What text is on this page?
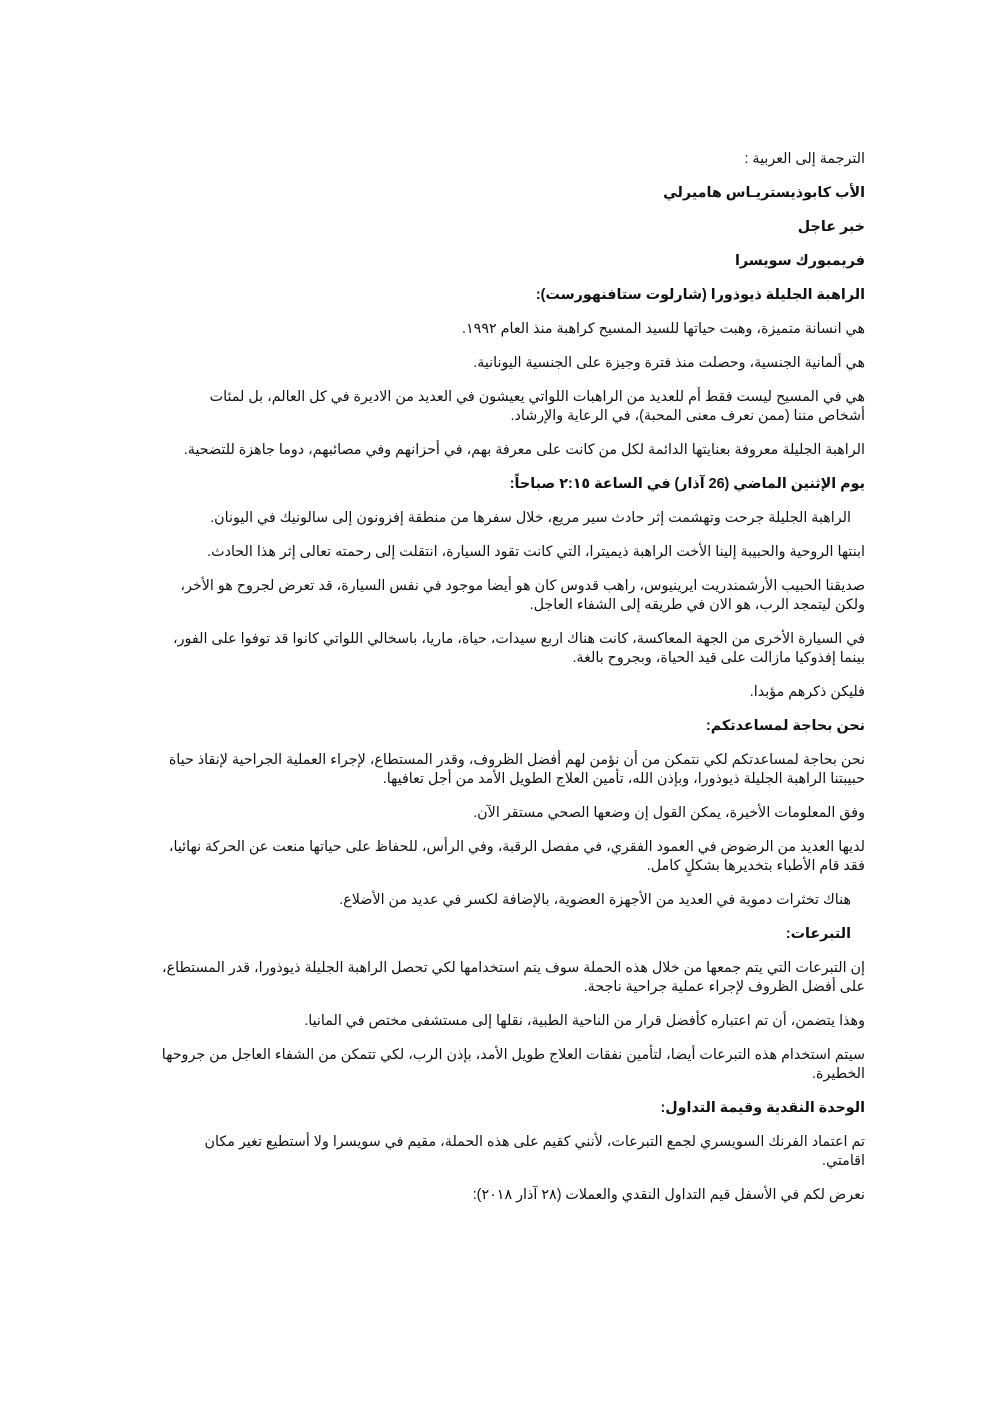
الترجمة إلى العربية :

الأب كابوذيستريـاس هاميرلي

خبر عاجل

فريمبورك سويسرا

الراهبة الجليلة ذيوذورا (شارلوت ستافنهورست):

هي انسانة متميزة، وهبت حياتها للسيد المسيح كراهبة منذ العام ١٩٩٢.

هي ألمانية الجنسية، وحصلت منذ فترة وجيزة على الجنسية اليونانية.

هي في المسيح ليست فقط أم للعديد من الراهبات اللواتي يعيشون في العديد من الاديرة في كل العالم، بل لمئات أشخاص مننا (ممن نعرف معنى المحبة)، في الرعاية والإرشاد.

الراهبة الجليلة معروفة بعنايتها الدائمة لكل من كانت على معرفة بهم، في أحزانهم وفي مصائبهم، دوما جاهزة للتضحية.

يوم الإثنين الماضي (26 آذار) في الساعة ٢:١٥ صباحاً:

الراهبة الجليلة جرحت وتهشمت إثر حادث سير مريع، خلال سفرها من منطقة إفزونون إلى سالونيك في اليونان.

ابنتها الروحية والحبيبة إلينا الأخت الراهبة ذيميترا، التي كانت تقود السيارة، انتقلت إلى رحمته تعالى إثر هذا الحادث.

صديقنا الحبيب الأرشمندريت ايرينيوس، راهب قدوس كان هو أيضا موجود في نفس السيارة، قد تعرض لجروح هو الأخر، ولكن ليتمجد الرب، هو الان في طريقه إلى الشفاء العاجل.

في السيارة الأخرى من الجهة المعاكسة، كانت هناك اربع سيدات، حياة، ماريا، باسخالي اللواتي كانوا قد توفوا على الفور، بينما إفذوكيا مازالت على قيد الحياة، وبجروح بالغة.

فليكن ذكرهم مؤبدا.

نحن بحاجة لمساعدتكم:

نحن بحاجة لمساعدتكم لكي نتمكن من أن نؤمن لهم أفضل الظروف، وقدر المستطاع، لإجراء العملية الجراحية لإنقاذ حياة حبيبتنا الراهبة الجليلة ذيوذورا، وبإذن الله، تأمين العلاج الطويل الأمد من أجل تعافيها.

وفق المعلومات الأخيرة، يمكن القول إن وضعها الصحي مستقر الآن.

لديها العديد من الرضوض في العمود الفقري، في مفصل الرقبة، وفي الرأس، للحفاظ على حياتها منعت عن الحركة نهائيا، فقد قام الأطباء بتخديرها بشكلٍ كامل.

هناك تخثرات دموية في العديد من الأجهزة العضوية، بالإضافة لكسر في عديد من الأضلاع.

التبرعات:

إن التبرعات التي يتم جمعها من خلال هذه الحملة سوف يتم استخدامها لكي تحصل الراهبة الجليلة ذيوذورا، قدر المستطاع، على أفضل الظروف لإجراء عملية جراحية ناجحة.

وهذا يتضمن، أن تم اعتباره كأفضل قرار من الناحية الطبية، نقلها إلى مستشفى مختص في المانيا.

سيتم استخدام هذه التبرعات أيضا، لتأمين نفقات العلاج طويل الأمد، بإذن الرب، لكي تتمكن من الشفاء العاجل من جروحها الخطيرة.

الوحدة النقدية وقيمة التداول:

تم اعتماد الفرنك السويسري لجمع التبرعات، لأنني كقيم على هذه الحملة، مقيم في سويسرا ولا أستطيع تغير مكان اقامتي.

نعرض لكم في الأسفل قيم التداول النقدي والعملات (٢٨ آذار ٢٠١٨):
